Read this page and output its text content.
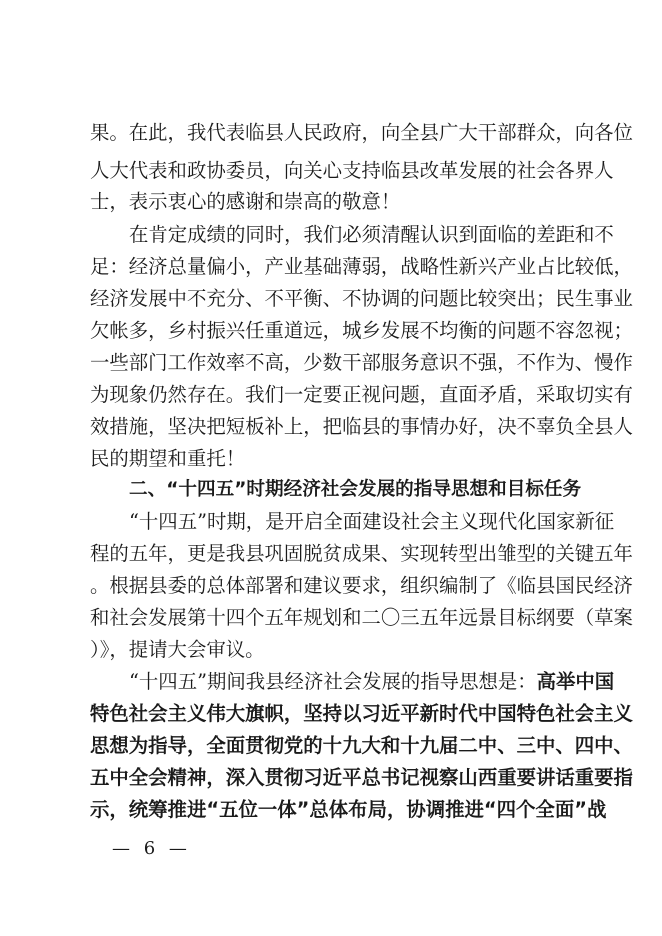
果。在此，我代表临县人民政府，向全县广大干部群众，向各位
人大代表和政协委员，向关心支持临县改革发展的社会各界人
士，表示衷心的感谢和崇高的敬意！
在肯定成绩的同时，我们必须清醒认识到面临的差距和不
足：经济总量偏小，产业基础薄弱，战略性新兴产业占比较低，
经济发展中不充分、不平衡、不协调的问题比较突出；民生事业
欠帐多，乡村振兴任重道远，城乡发展不均衡的问题不容忽视；
一些部门工作效率不高，少数干部服务意识不强，不作为、慢作
为现象仍然存在。我们一定要正视问题，直面矛盾，采取切实有
效措施，坚决把短板补上，把临县的事情办好，决不辜负全县人
民的期望和重托！
二、“十四五”时期经济社会发展的指导思想和目标任务
“十四五”时期，是开启全面建设社会主义现代化国家新征
程的五年，更是我县巩固脱贫成果、实现转型出雏型的关键五年
。根据县委的总体部署和建议要求，组织编制了《临县国民经济
和社会发展第十四个五年规划和二〇三五年远景目标纲要（草案
）》，提请大会审议。
“十四五”期间我县经济社会发展的指导思想是：高举中国
特色社会主义伟大旗帜，坚持以习近平新时代中国特色社会主义
思想为指导，全面贯彻党的十九大和十九届二中、三中、四中、
五中全会精神，深入贯彻习近平总书记视察山西重要讲话重要指
示，统筹推进“五位一体”总体布局，协调推进“四个全面”战
— 6 —
